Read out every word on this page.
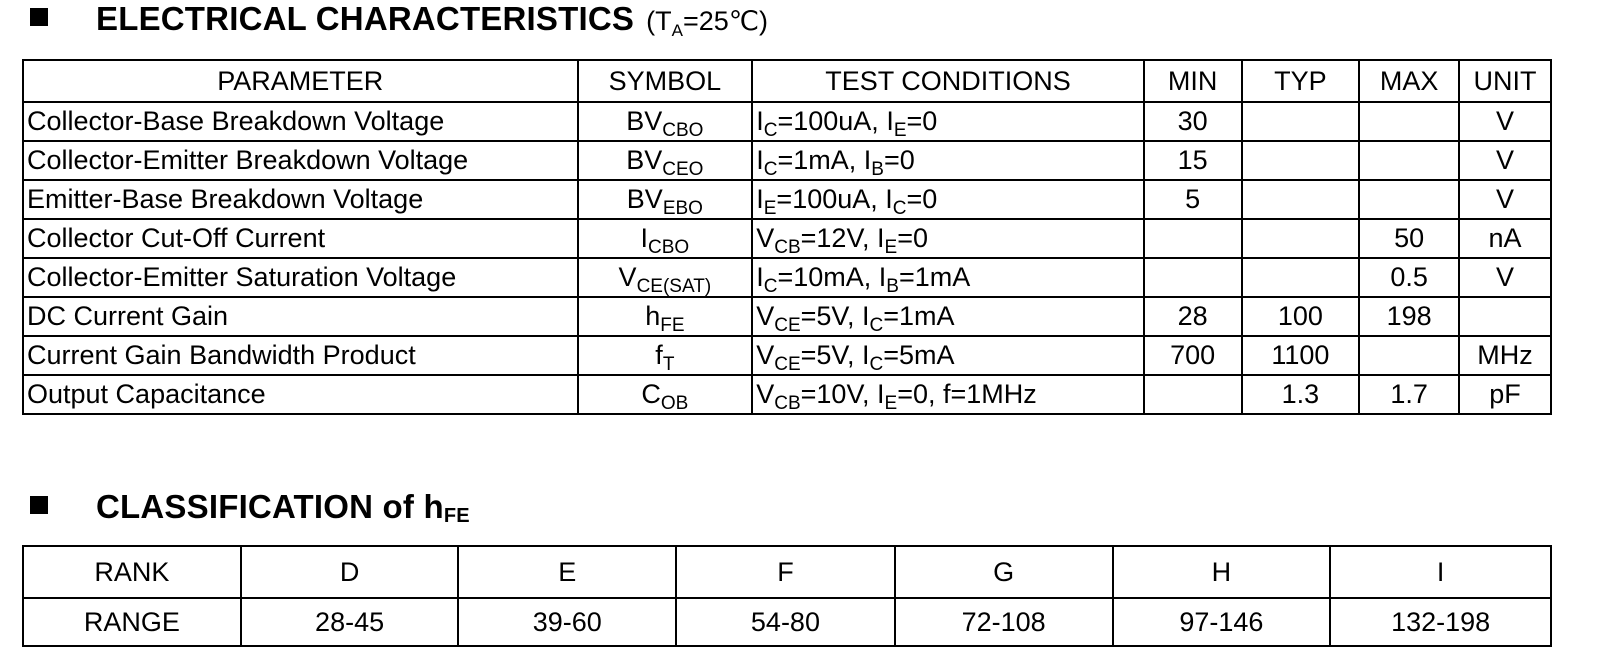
ELECTRICAL CHARACTERISTICS $(T_A=25℃)$
PARAMETER	SYMBOL	TEST CONDITIONS	MIN	TYP	MAX	UNIT
Collector-Base Breakdown Voltage	$BV_{CBO}$	$I_C=100uA$, $I_E=0$	30			V
Collector-Emitter Breakdown Voltage	$BV_{CEO}$	$I_C=1mA$, $I_B=0$	15			V
Emitter-Base Breakdown Voltage	$BV_{EBO}$	$I_E=100uA$, $I_C=0$	5			V
Collector Cut-Off Current	$I_{CBO}$	$V_{CB}=12V$, $I_E=0$			50	nA
Collector-Emitter Saturation Voltage	$V_{CE(SAT)}$	$I_C=10mA$, $I_B=1mA$			0.5	V
DC Current Gain	$h_{FE}$	$V_{CE}=5V$, $I_C=1mA$	28	100	198	
Current Gain Bandwidth Product	$f_T$	$V_{CE}=5V$, $I_C=5mA$	700	1100		MHz
Output Capacitance	$C_{OB}$	$V_{CB}=10V$, $I_E=0$, f=1MHz		1.3	1.7	pF
CLASSIFICATION of $h_{FE}$
RANK	D	E	F	G	H	I
RANGE	28-45	39-60	54-80	72-108	97-146	132-198
